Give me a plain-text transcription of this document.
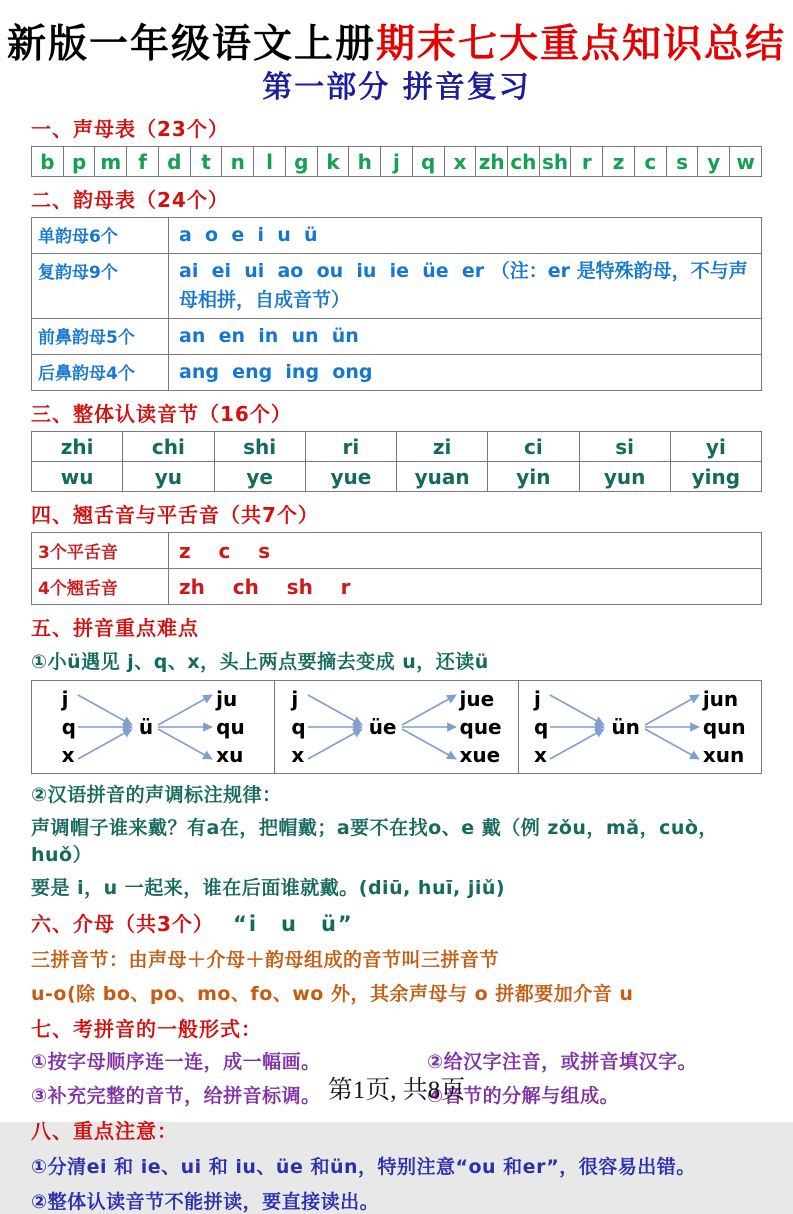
新版一年级语文上册期末七大重点知识总结
第一部分 拼音复习
一、声母表（23个）
b	p	m	f	d	t	n	l	g	k	h	j	q	x	zh	ch	sh	r	z	c	s	y	w
二、韵母表（24个）
单韵母6个	a  o  e  i  u  ü
复韵母9个	ai  ei  ui  ao  ou  iu  ie  üe  er （注：er 是特殊韵母，不与声母相拼，自成音节）
前鼻韵母5个	an  en  in  un  ün
后鼻韵母4个	ang  eng  ing  ong
三、整体认读音节（16个）
zhi	chi	shi	ri	zi	ci	si	yi
wu	yu	ye	yue	yuan	yin	yun	ying
四、翘舌音与平舌音（共7个）
3个平舌音	z    c    s
4个翘舌音	zh    ch    sh    r
五、拼音重点难点
①小ü遇见 j、q、x，头上两点要摘去变成 u，还读ü
j
q
x
ü
ju
qu
xu

j
q
x
üe
jue
que
xue

j
q
x
ün
jun
qun
xun
②汉语拼音的声调标注规律：
声调帽子谁来戴？有a在，把帽戴；a要不在找o、e 戴（例 zǒu，mǎ，cuò，huǒ）
要是 i，u 一起来，谁在后面谁就戴。(diū, huī, jiǔ)
六、介母（共3个） “i　u　ü”
三拼音节：由声母＋介母＋韵母组成的音节叫三拼音节
u-o(除 bo、po、mo、fo、wo 外，其余声母与 o 拼都要加介音 u
七、考拼音的一般形式：
①按字母顺序连一连，成一幅画。	②给汉字注音，或拼音填汉字。
③补充完整的音节，给拼音标调。	④音节的分解与组成。
八、重点注意：
①分清ei 和 ie、ui 和 iu、üe 和ün，特别注意“ou 和er”，很容易出错。
②整体认读音节不能拼读，要直接读出。
第1页, 共8页
